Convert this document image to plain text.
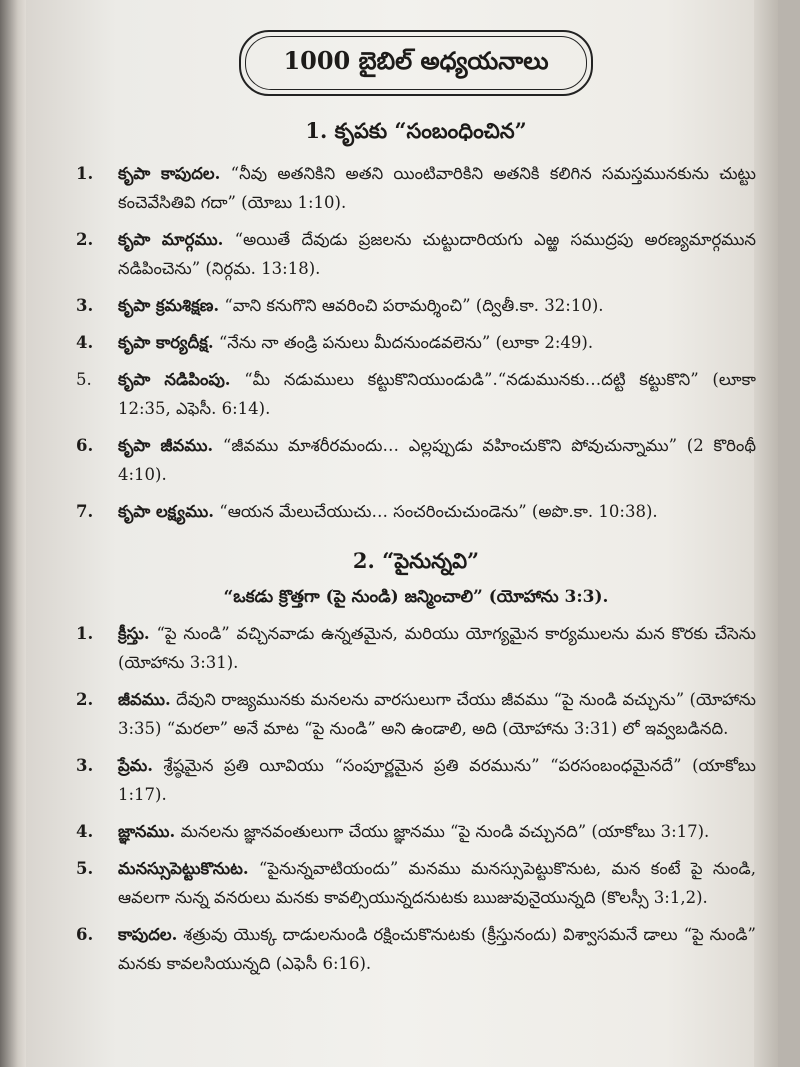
1000 బైబిల్ అధ్యయనాలు
1. కృపకు “సంబంధించిన”
1.	కృపా కాపుదల. “నీవు అతనికిని అతని యింటివారికిని అతనికి కలిగిన సమస్తమునకును చుట్టు కంచెవేసితివి గదా” (యోబు 1:10).
2.	కృపా మార్గము. “అయితే దేవుడు ప్రజలను చుట్టుదారియగు ఎఱ్ఱ సముద్రపు అరణ్యమార్గమున నడిపించెను” (నిర్గమ. 13:18).
3.	కృపా క్రమశిక్షణ. “వాని కనుగొని ఆవరించి పరామర్శించి” (ద్వితీ.కా. 32:10).
4.	కృపా కార్యదీక్ష. “నేను నా తండ్రి పనులు మీదనుండవలెను” (లూకా 2:49).
5.	కృపా నడిపింపు. “మీ నడుములు కట్టుకొనియుండుడి”.“నడుమునకు…దట్టి కట్టుకొని” (లూకా 12:35, ఎఫెసీ. 6:14).
6.	కృపా జీవము. “జీవము మాశరీరమందు… ఎల్లప్పుడు వహించుకొని పోవుచున్నాము” (2 కొరింథీ 4:10).
7.	కృపా లక్ష్యము. “ఆయన మేలుచేయుచు… సంచరించుచుండెను” (అపొ.కా. 10:38).
2. “పైనున్నవి”
“ఒకడు క్రొత్తగా (పై నుండి) జన్మించాలి” (యోహాను 3:3).
1.	క్రీస్తు. “పై నుండి” వచ్చినవాడు ఉన్నతమైన, మరియు యోగ్యమైన కార్యములను మన కొరకు చేసెను (యోహాను 3:31).
2.	జీవము. దేవుని రాజ్యమునకు మనలను వారసులుగా చేయు జీవము “పై నుండి వచ్చును” (యోహాను 3:35) “మరలా” అనే మాట “పై నుండి” అని ఉండాలి, అది (యోహాను 3:31) లో ఇవ్వబడినది.
3.	ప్రేమ. శ్రేష్ఠమైన ప్రతి యీవియు “సంపూర్ణమైన ప్రతి వరమును” “పరసంబంధమైనదే” (యాకోబు 1:17).
4.	జ్ఞానము. మనలను జ్ఞానవంతులుగా చేయు జ్ఞానము “పై నుండి వచ్చునది” (యాకోబు 3:17).
5.	మనస్సుపెట్టుకొనుట. “పైనున్నవాటియందు” మనము మనస్సుపెట్టుకొనుట, మన కంటే పై నుండి, ఆవలగా నున్న వనరులు మనకు కావల్సియున్నదనుటకు ఋజువునైయున్నది (కొలస్సీ 3:1,2).
6.	కాపుదల. శత్రువు యొక్క దాడులనుండి రక్షించుకొనుటకు (క్రీస్తునందు) విశ్వాసమనే డాలు “పై నుండి” మనకు కావలసియున్నది (ఎఫెసీ 6:16).
